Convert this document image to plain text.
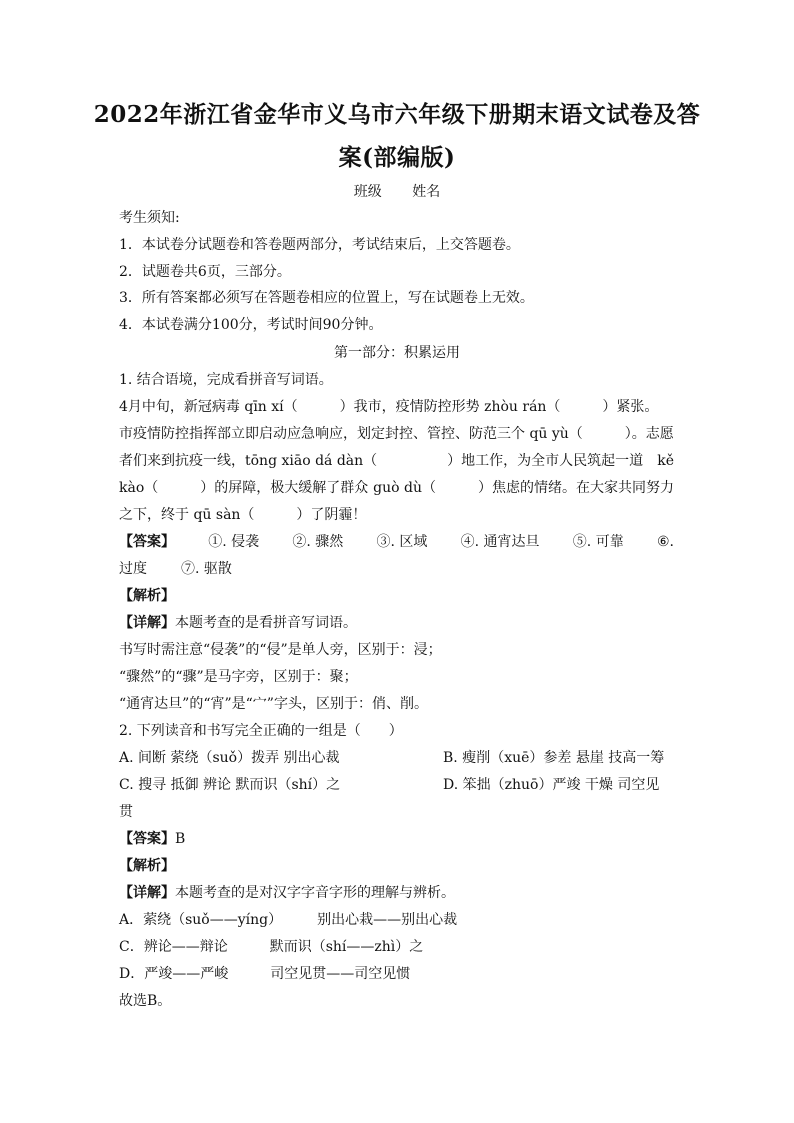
2022年浙江省金华市义乌市六年级下册期末语文试卷及答
案(部编版)
班级 姓名
考生须知:
1．本试卷分试题卷和答卷题两部分，考试结束后，上交答题卷。
2．试题卷共6页，三部分。
3．所有答案都必须写在答题卷相应的位置上，写在试题卷上无效。
4．本试卷满分100分，考试时间90分钟。
第一部分：积累运用
1. 结合语境，完成看拼音写词语。
4月中旬，新冠病毒 qīn xí（　　　）我市，疫情防控形势 zhòu rán（　　　）紧张。
市疫情防控指挥部立即启动应急响应，划定封控、管控、防范三个 qū yù（　　　）。志愿
者们来到抗疫一线，tōng xiāo dá dàn（　　　　　）地工作，为全市人民筑起一道 kě
kào（　　　）的屏障，极大缓解了群众 guò dù（　　　）焦虑的情绪。在大家共同努力
之下，终于 qū sàn（　　　）了阴霾！
【答案】 ①. 侵袭 ②. 骤然 ③. 区域 ④. 通宵达旦 ⑤. 可靠 ⑥.
过度 ⑦. 驱散
【解析】
【详解】本题考查的是看拼音写词语。
书写时需注意“侵袭”的“侵”是单人旁，区别于：浸；
“骤然”的“骤”是马字旁，区别于：聚；
“通宵达旦”的“宵”是“宀”字头，区别于：俏、削。
2. 下列读音和书写完全正确的一组是（　　）
A. 间断 萦绕（suǒ）拨弄 别出心裁	B. 瘦削（xuē）参差 悬崖 技高一筹
C. 搜寻 抵御 辨论 默而识（shí）之	D. 笨拙（zhuō）严竣 干燥 司空见
贯
【答案】B
【解析】
【详解】本题考查的是对汉字字音字形的理解与辨析。
A．萦绕（suǒ——yíng）　　　别出心栽——别出心裁
C．辨论——辩论　　　默而识（shí——zhì）之
D．严竣——严峻　　　司空见贯——司空见惯
故选B。
